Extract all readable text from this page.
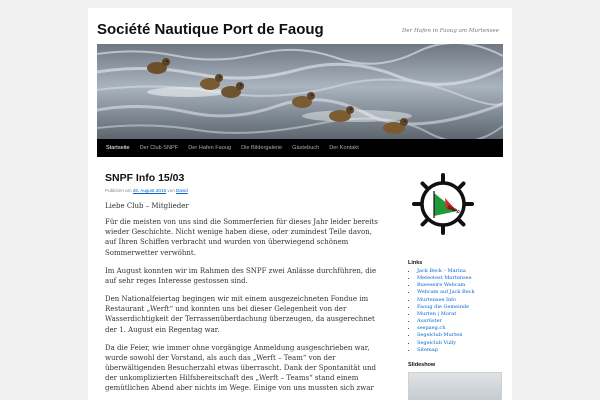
Société Nautique Port de Faoug	Der Hafen in Faoug am Murtensee
Startseite	Der Club SNPF	Der Hafen Faoug	Die Bildergalerie	Gästebuch	Der Kontakt
SNPF Info 15/03
Publiziert am 26. August 2015 von David

Liebe Club – Mitglieder

Für die meisten von uns sind die Sommerferien für dieses Jahr leider bereits wieder Geschichte. Nicht wenige haben diese, oder zumindest Teile davon, auf Ihren Schiffen verbracht und wurden von überwiegend schönem Sommerwetter verwöhnt.

Im August konnten wir im Rahmen des SNPF zwei Anlässe durchführen, die auf sehr reges Interesse gestossen sind.

Den Nationalfeiertag begingen wir mit einem ausgezeichneten Fondue im Restaurant „Werft“ und konnten uns bei dieser Gelegenheit von der Wasserdichtigkeit der Terrassenüberdachung überzeugen, da ausgerechnet der 1. August ein Regentag war.

Da die Feier, wie immer ohne vorgängige Anmeldung ausgeschrieben war, wurde sowohl der Vorstand, als auch das „Werft – Team“ von der überwältigenden Besucherzahl etwas überrascht. Dank der Spontanität und der unkomplizierten Hilfsbereitschaft des „Werft – Teams“ stand einem gemütlichen Abend aber nichts im Wege. Einige von uns mussten sich zwar

SNPF
Links
▪ Jack Beck – Marina
▪ Meteotest Murtensee
▪ Bueeseire Webcam
▪ Webcam auf Jack Beck
▪ Murtensee Info
▪ Faoug die Gemeinde
▪ Murten | Morat
▪ Ausrüster
▪ seepaeg.ch
▪ Segelclub Murten
▪ Segelclub Vully
▪ Sitemap
Slideshow
